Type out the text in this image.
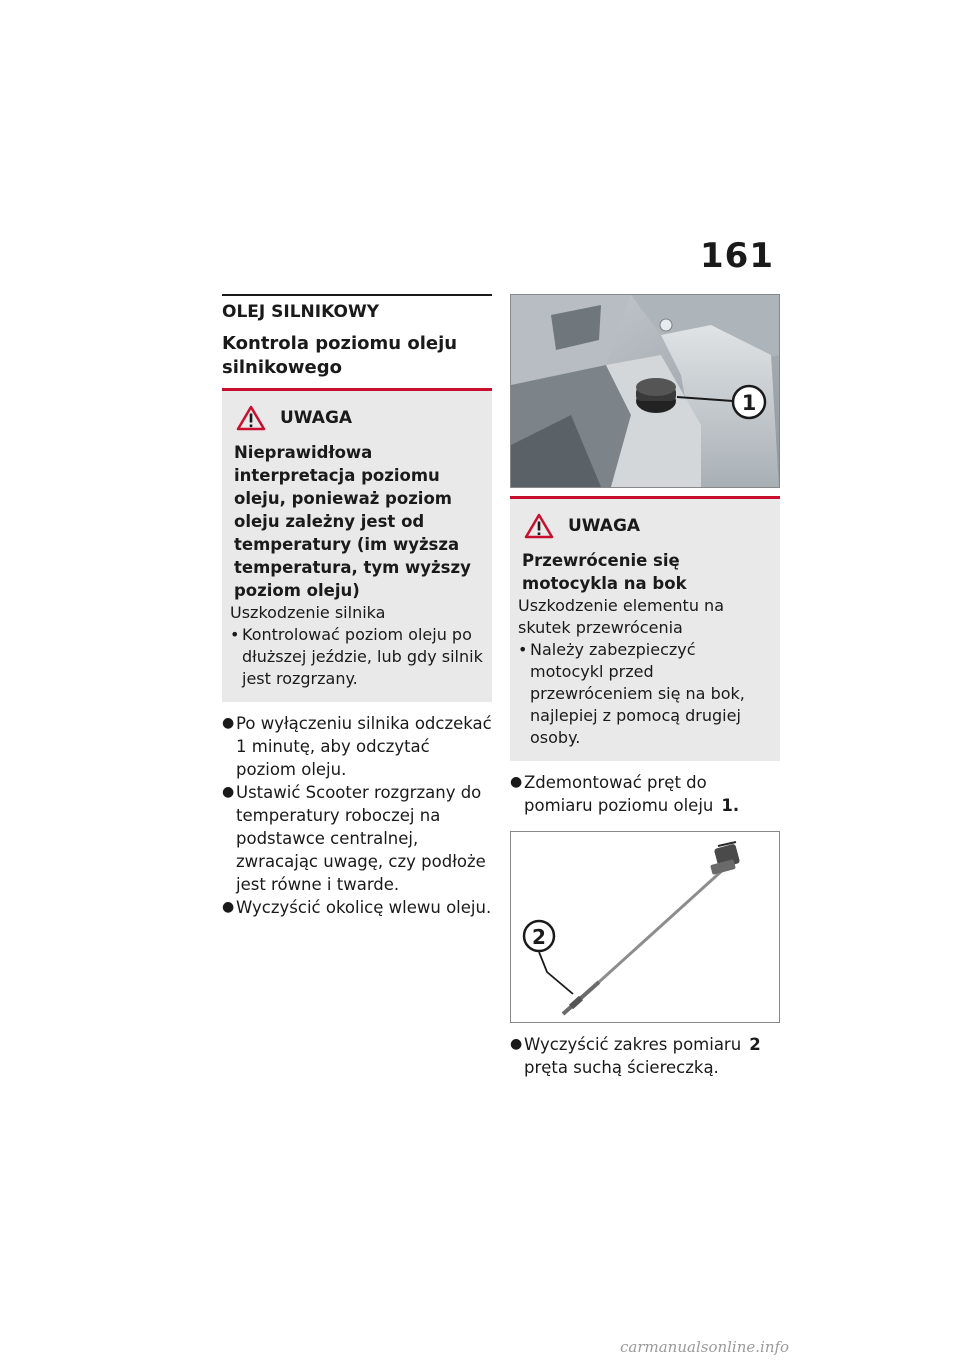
161
OLEJ SILNIKOWY
Kontrola poziomu oleju silnikowego
UWAGA
Nieprawidłowa interpretacja poziomu oleju, ponieważ poziom oleju zależny jest od temperatury (im wyższa temperatura, tym wyższy poziom oleju)
Uszkodzenie silnika
• Kontrolować poziom oleju po dłuższej jeździe, lub gdy silnik jest rozgrzany.
● Po wyłączeniu silnika odczekać 1 minutę, aby odczytać poziom oleju.
● Ustawić Scooter rozgrzany do temperatury roboczej na podstawce centralnej, zwracając uwagę, czy podłoże jest równe i twarde.
● Wyczyścić okolicę wlewu oleju.
1
UWAGA
Przewrócenie się motocykla na bok
Uszkodzenie elementu na skutek przewrócenia
• Należy zabezpieczyć motocykl przed przewróceniem się na bok, najlepiej z pomocą drugiej osoby.
● Zdemontować pręt do pomiaru poziomu oleju 1.
2
● Wyczyścić zakres pomiaru 2
pręta suchą ściereczką.
carmanualsonline.info
